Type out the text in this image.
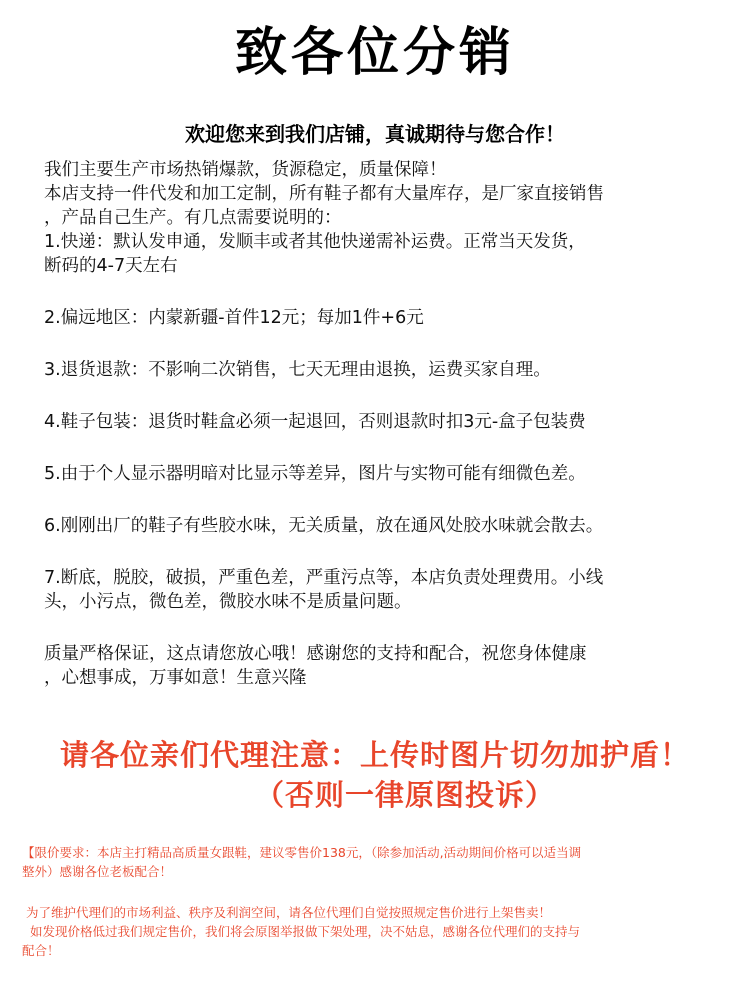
致各位分销
欢迎您来到我们店铺，真诚期待与您合作！
我们主要生产市场热销爆款，货源稳定，质量保障！
本店支持一件代发和加工定制，所有鞋子都有大量库存，是厂家直接销售
，产品自己生产。有几点需要说明的：
1.快递：默认发申通，发顺丰或者其他快递需补运费。正常当天发货，
断码的4-7天左右
2.偏远地区：内蒙新疆-首件12元；每加1件+6元
3.退货退款：不影响二次销售，七天无理由退换，运费买家自理。
4.鞋子包装：退货时鞋盒必须一起退回，否则退款时扣3元-盒子包装费
5.由于个人显示器明暗对比显示等差异，图片与实物可能有细微色差。
6.刚刚出厂的鞋子有些胶水味，无关质量，放在通风处胶水味就会散去。
7.断底，脱胶，破损，严重色差，严重污点等，本店负责处理费用。小线
头，小污点，微色差，微胶水味不是质量问题。
质量严格保证，这点请您放心哦！感谢您的支持和配合，祝您身体健康
，心想事成，万事如意！生意兴隆
请各位亲们代理注意：上传时图片切勿加护盾！
（否则一律原图投诉）
【限价要求：本店主打精品高质量女跟鞋，建议零售价138元，（除参加活动,活动期间价格可以适当调
整外）感谢各位老板配合！
为了维护代理们的市场利益、秩序及利润空间，请各位代理们自觉按照规定售价进行上架售卖！
如发现价格低过我们规定售价，我们将会原图举报做下架处理，决不姑息，感谢各位代理们的支持与
配合！
